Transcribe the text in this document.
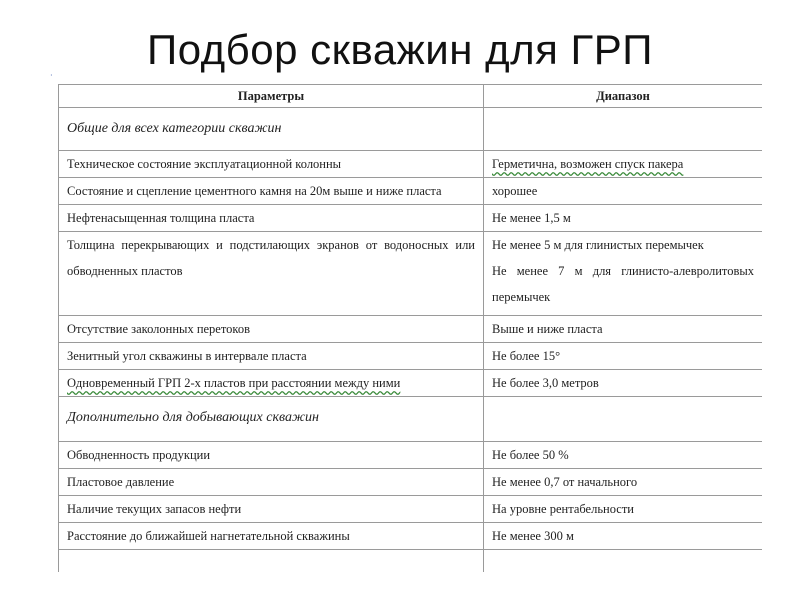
Подбор скважин для ГРП
·
Параметры	Диапазон
Общие для всех категории скважин	
Техническое состояние эксплуатационной колонны	Герметична, возможен спуск пакера
Состояние и сцепление цементного камня на 20м выше и ниже пласта	хорошее
Нефтенасыщенная толщина пласта	Не менее 1,5 м
Толщина перекрывающих и подстилающих экранов от водоносных или обводненных пластов	Не менее 5 м для глинистых перемычек
Не менее 7 м для глинисто-алевролитовых перемычек

Отсутствие заколонных перетоков	Выше и ниже пласта
Зенитный угол скважины в интервале пласта	Не более 15°
Одновременный ГРП 2-х пластов при расстоянии между ними	Не более 3,0 метров
Дополнительно для добывающих скважин	
Обводненность продукции	Не более 50 %
Пластовое давление	Не менее 0,7 от начального
Наличие текущих запасов нефти	На уровне рентабельности
Расстояние до ближайшей нагнетательной скважины	Не менее 300 м
